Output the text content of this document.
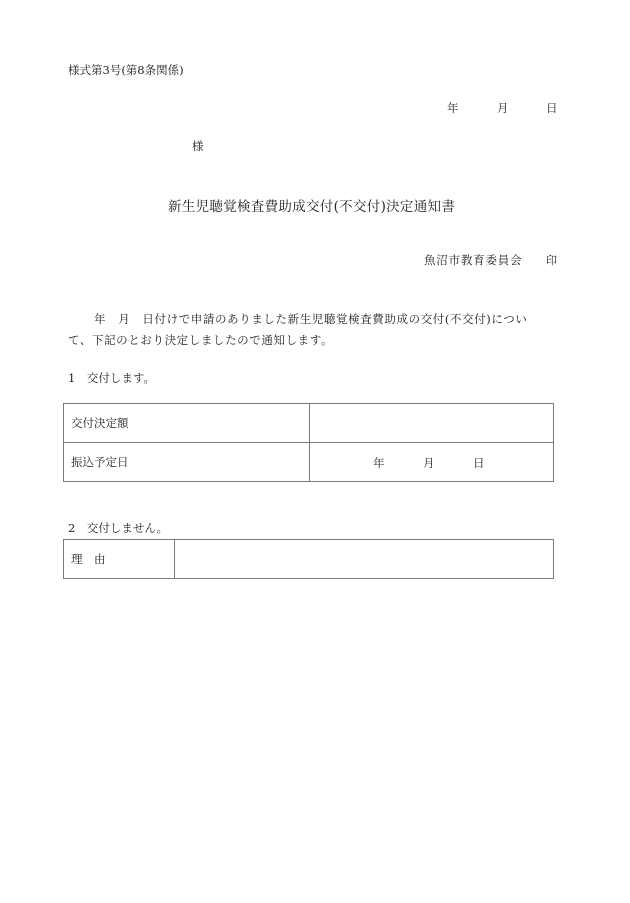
様式第3号(第8条関係)
年	月	日
様
新生児聴覚検査費助成交付(不交付)決定通知書
魚沼市教育委員会 印
年　月　日付けで申請のありました新生児聴覚検査費助成の交付(不交付)につい
て、下記のとおり決定しましたので通知します。
1　交付します。
交付決定額	
振込予定日	年 月 日
2　交付しません。
理　由	
